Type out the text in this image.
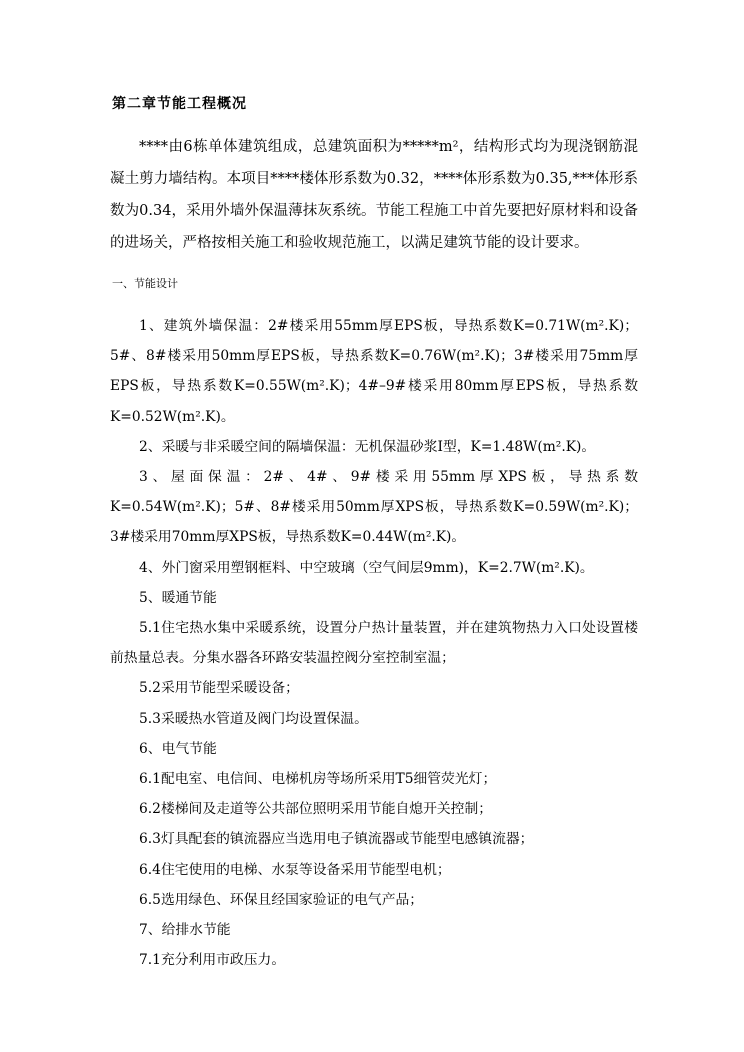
第二章节能工程概况
****由6栋单体建筑组成，总建筑面积为*****m²，结构形式均为现浇钢筋混凝土剪力墙结构。本项目****楼体形系数为0.32，****体形系数为0.35,***体形系数为0.34，采用外墙外保温薄抹灰系统。节能工程施工中首先要把好原材料和设备的进场关，严格按相关施工和验收规范施工，以满足建筑节能的设计要求。
一、节能设计

1、建筑外墙保温：2#楼采用55mm厚EPS板，导热系数K=0.71W(m².K)；5#、8#楼采用50mm厚EPS板，导热系数K=0.76W(m².K)；3#楼采用75mm厚EPS板，导热系数K=0.55W(m².K)；4#–9#楼采用80mm厚EPS板，导热系数K=0.52W(m².K)。

2、采暖与非采暖空间的隔墙保温：无机保温砂浆I型，K=1.48W(m².K)。

3、屋面保温：2#、4#、9#楼采用55mm厚XPS板，导热系数K=0.54W(m².K)；5#、8#楼采用50mm厚XPS板，导热系数K=0.59W(m².K)；3#楼采用70mm厚XPS板，导热系数K=0.44W(m².K)。

4、外门窗采用塑钢框料、中空玻璃（空气间层9mm)，K=2.7W(m².K)。

5、暖通节能

5.1住宅热水集中采暖系统，设置分户热计量装置，并在建筑物热力入口处设置楼前热量总表。分集水器各环路安装温控阀分室控制室温；

5.2采用节能型采暖设备；

5.3采暖热水管道及阀门均设置保温。

6、电气节能

6.1配电室、电信间、电梯机房等场所采用T5细管荧光灯；

6.2楼梯间及走道等公共部位照明采用节能自熄开关控制；

6.3灯具配套的镇流器应当选用电子镇流器或节能型电感镇流器；

6.4住宅使用的电梯、水泵等设备采用节能型电机；

6.5选用绿色、环保且经国家验证的电气产品；

7、给排水节能

7.1充分利用市政压力。
